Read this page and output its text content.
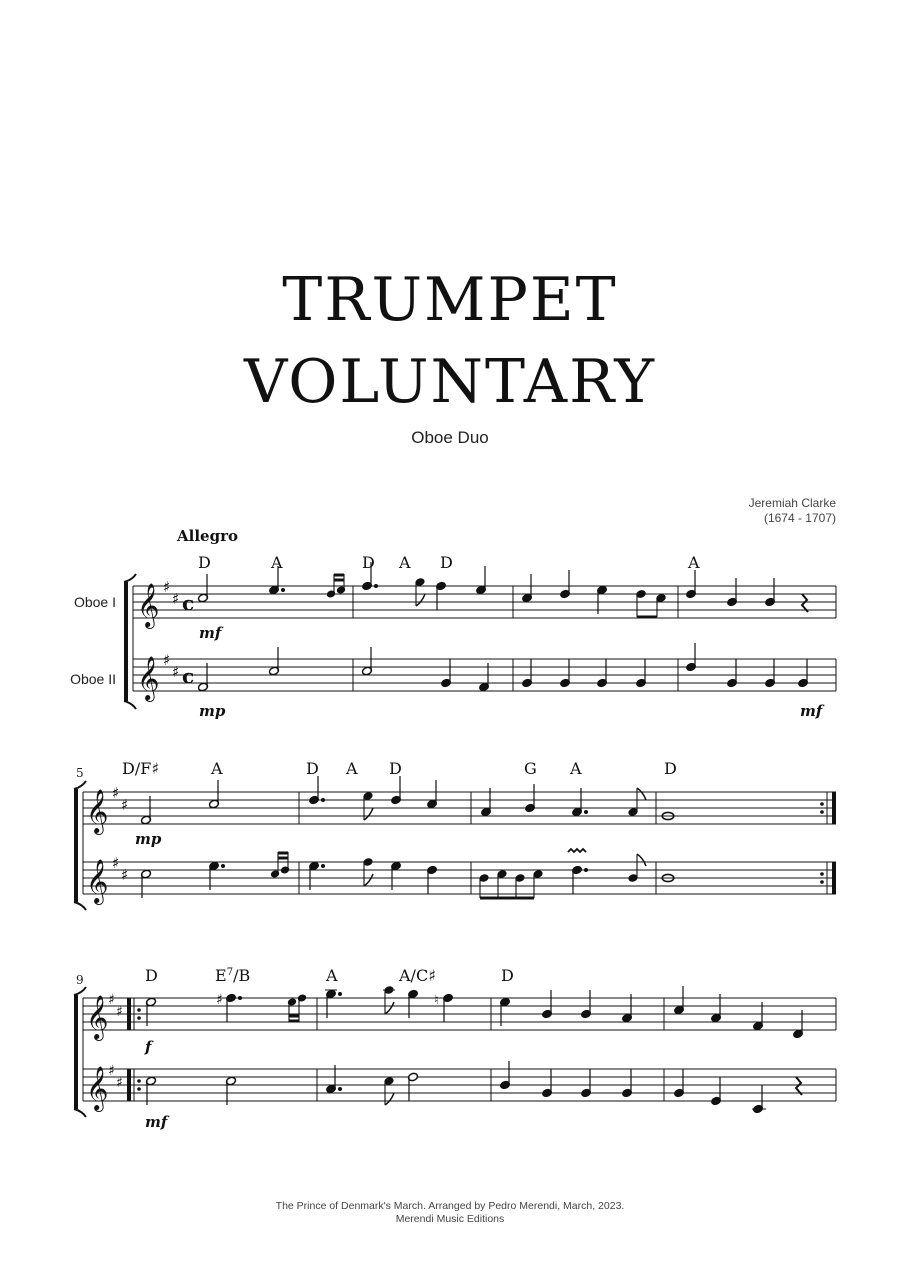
TRUMPET
VOLUNTARY
Oboe Duo
Jeremiah Clarke
(1674 - 1707)
Allegro
Oboe I
Oboe II
𝄞
𝄞
♯
♯
♯
♯
c
c
D	A	D A D	A
mf
mp	mf
5
𝄞
𝄞
♯
♯
♯
♯
D/F♯	A	D A D	G A	D
mp
9
𝄞
𝄞
♯
♯
♯
♯
D	$E^7/B$	A	A/C♯	D
♯	♮
f
mf
The Prince of Denmark's March. Arranged by Pedro Merendi, March, 2023.
Merendi Music Editions
